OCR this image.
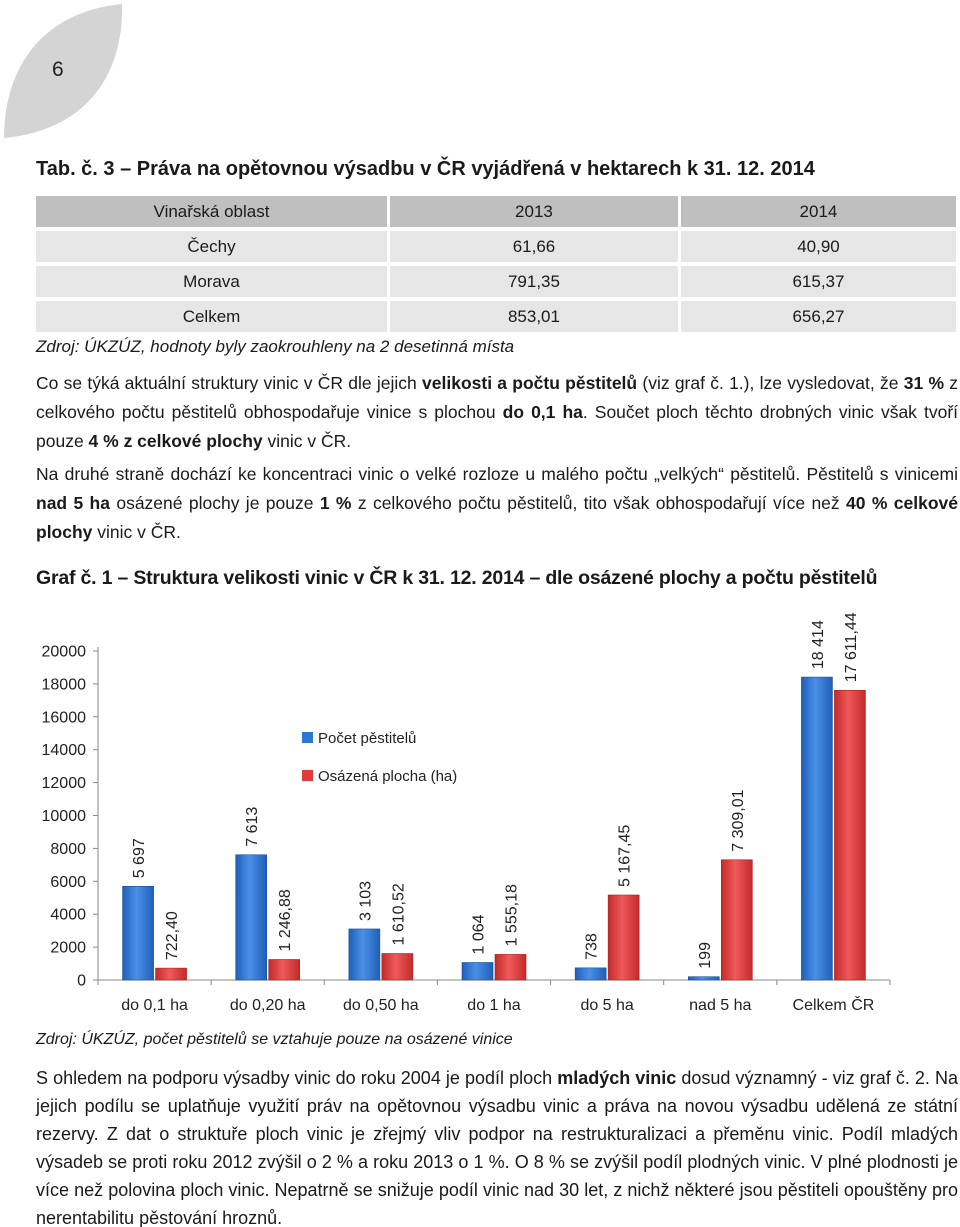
6
Tab. č. 3 – Práva na opětovnou výsadbu v ČR vyjádřená v hektarech k 31. 12. 2014
Vinařská oblast	2013	2014
Čechy	61,66	40,90
Morava	791,35	615,37
Celkem	853,01	656,27
Zdroj: ÚKZÚZ, hodnoty byly zaokrouhleny na 2 desetinná místa

Co se týká aktuální struktury vinic v ČR dle jejich velikosti a počtu pěstitelů (viz graf č. 1.), lze vysledovat, že 31 % z celkového počtu pěstitelů obhospodařuje vinice s plochou do 0,1 ha. Součet ploch těchto drobných vinic však tvoří pouze 4 % z celkové plochy vinic v ČR.

Na druhé straně dochází ke koncentraci vinic o velké rozloze u malého počtu „velkých“ pěstitelů. Pěstitelů s vinicemi nad 5 ha osázené plochy je pouze 1 % z celkového počtu pěstitelů, tito však obhospodařují více než 40 % celkové plochy vinic v ČR.

Graf č. 1 – Struktura velikosti vinic v ČR k 31. 12. 2014 – dle osázené plochy a počtu pěstitelů
0
2000
4000
6000
8000
10000
12000
14000
16000
18000
20000
do 0,1 ha
5 697
722,40
do 0,20 ha
7 613
1 246,88
do 0,50 ha
3 103 1 610,52
do 1 ha
1 064 1 555,18
do 5 ha
738
5 167,45
nad 5 ha
199
7 309,01
Celkem ČR
18 414 17 611,44
Počet pěstitelů
Osázená plocha (ha)
Zdroj: ÚKZÚZ, počet pěstitelů se vztahuje pouze na osázené vinice

S ohledem na podporu výsadby vinic do roku 2004 je podíl ploch mladých vinic dosud významný - viz graf č. 2. Na jejich podílu se uplatňuje využití práv na opětovnou výsadbu vinic a práva na novou výsadbu udělená ze státní rezervy. Z dat o struktuře ploch vinic je zřejmý vliv podpor na restrukturalizaci a přeměnu vinic. Podíl mladých výsadeb se proti roku 2012 zvýšil o 2 % a roku 2013 o 1 %. O 8 % se zvýšil podíl plodných vinic. V plné plodnosti je více než polovina ploch vinic. Nepatrně se snižuje podíl vinic nad 30 let, z nichž některé jsou pěstiteli opouštěny pro nerentabilitu pěstování hroznů.
